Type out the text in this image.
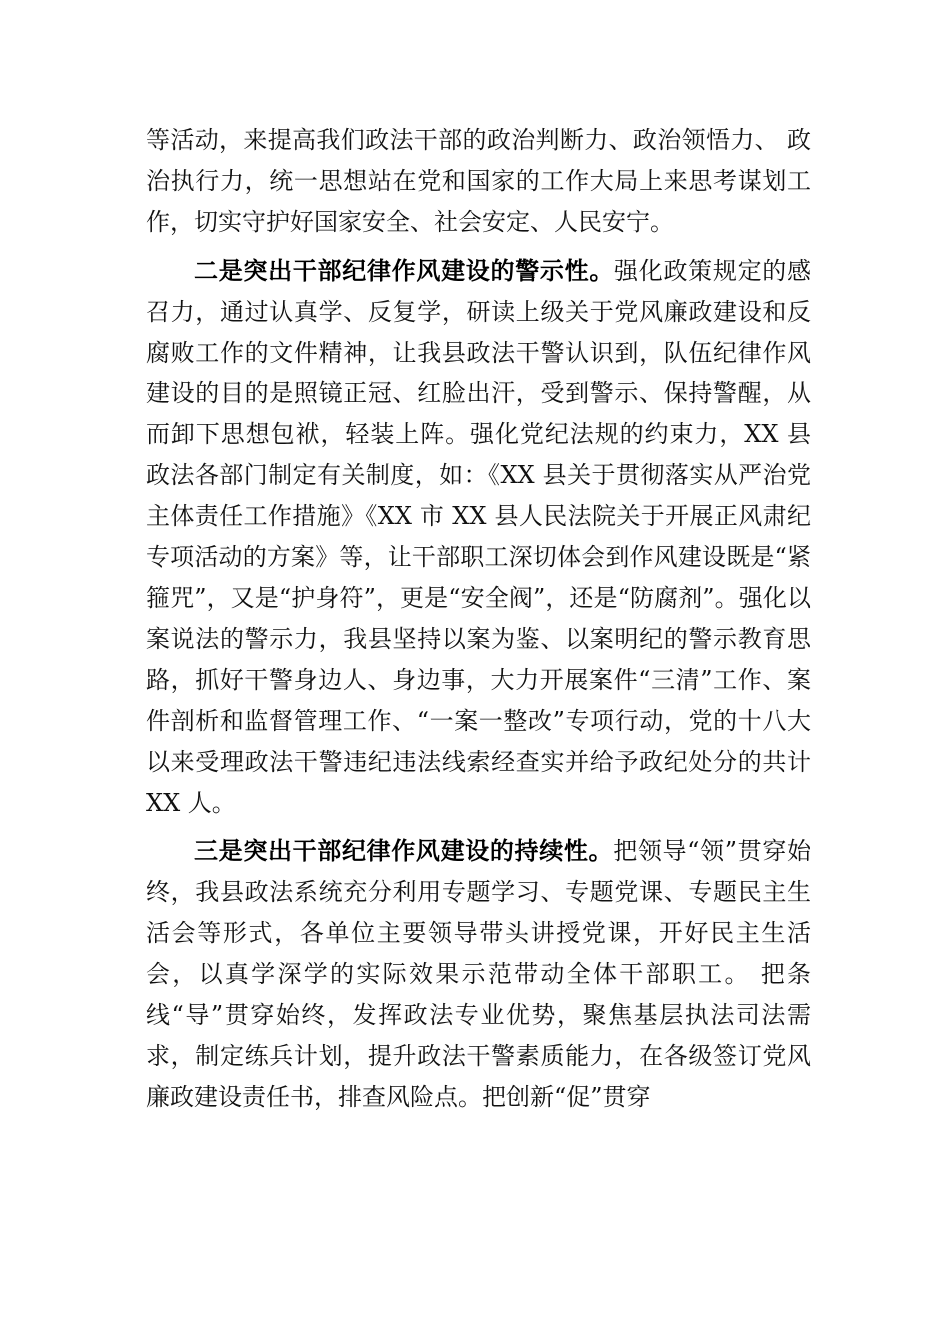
等活动，来提高我们政法干部的政治判断力、政治领悟力、 政治执行力，统一思想站在党和国家的工作大局上来思考谋划工作，切实守护好国家安全、社会安定、人民安宁。

二是突出干部纪律作风建设的警示性。强化政策规定的感召力，通过认真学、反复学，研读上级关于党风廉政建设和反腐败工作的文件精神，让我县政法干警认识到，队伍纪律作风建设的目的是照镜正冠、红脸出汗，受到警示、保持警醒，从而卸下思想包袱，轻装上阵。强化党纪法规的约束力，XX 县政法各部门制定有关制度，如：《XX 县关于贯彻落实从严治党主体责任工作措施》《XX 市 XX 县人民法院关于开展正风肃纪专项活动的方案》等，让干部职工深切体会到作风建设既是“紧箍咒”，又是“护身符”，更是“安全阀”，还是“防腐剂”。强化以案说法的警示力，我县坚持以案为鉴、以案明纪的警示教育思路，抓好干警身边人、身边事，大力开展案件“三清”工作、案件剖析和监督管理工作、“一案一整改”专项行动，党的十八大以来受理政法干警违纪违法线索经查实并给予政纪处分的共计 XX 人。

三是突出干部纪律作风建设的持续性。把领导“领”贯穿始终，我县政法系统充分利用专题学习、专题党课、专题民主生活会等形式，各单位主要领导带头讲授党课，开好民主生活会，以真学深学的实际效果示范带动全体干部职工。 把条线“导”贯穿始终，发挥政法专业优势，聚焦基层执法司法需求，制定练兵计划，提升政法干警素质能力，在各级签订党风廉政建设责任书，排查风险点。把创新“促”贯穿
